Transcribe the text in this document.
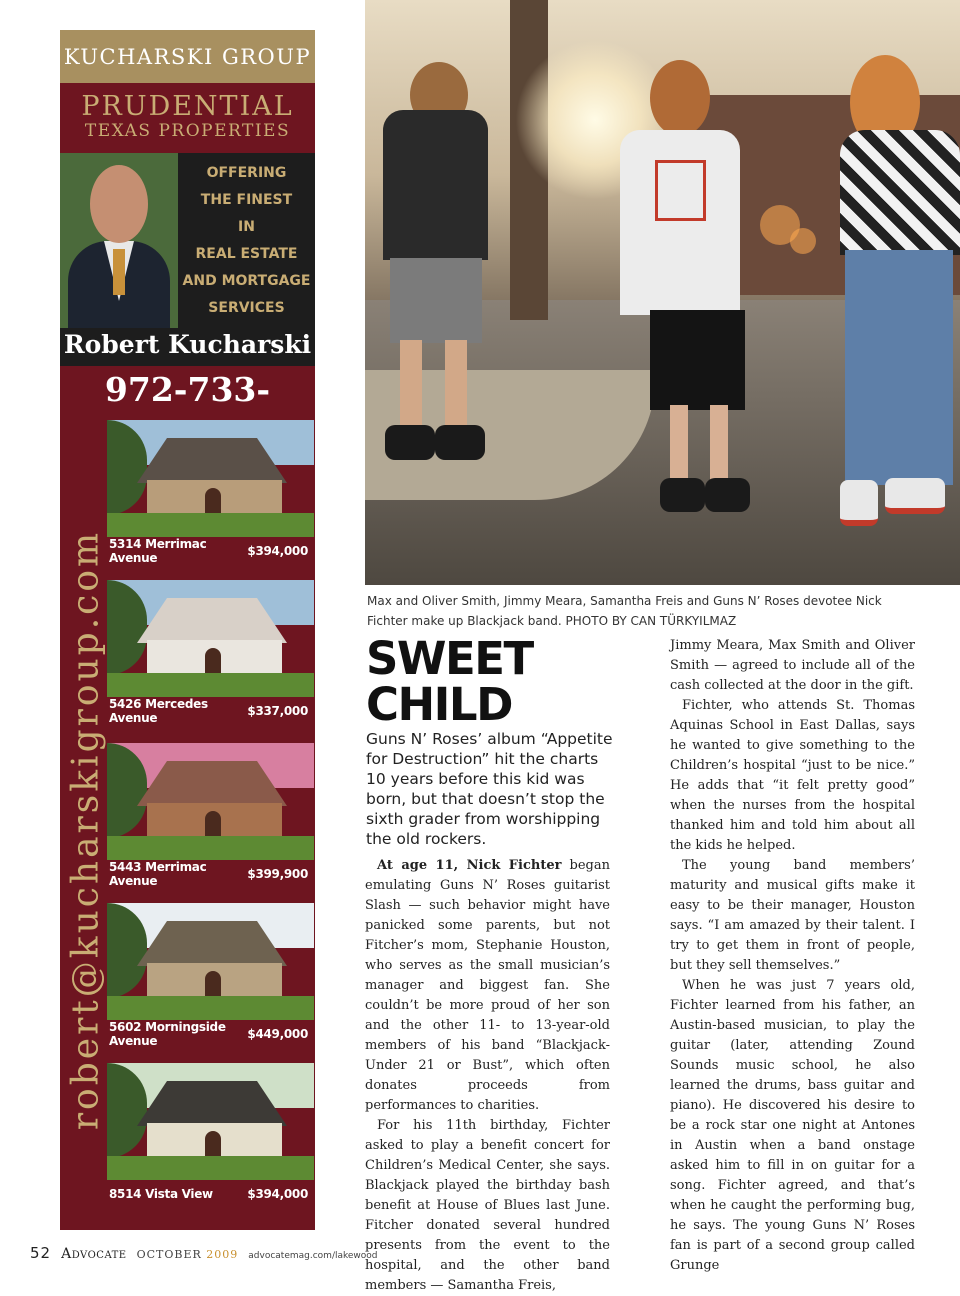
KUCHARSKI GROUP
PRUDENTIAL
TEXAS PROPERTIES
OFFERING
THE FINEST
IN
REAL ESTATE
AND MORTGAGE
SERVICES
Robert Kucharski
972-733-
robert@kucharskigroup.com 5314 Merrimac Avenue	$394,000
5426 Mercedes Avenue	$337,000
5443 Merrimac Avenue	$399,900
5602 Morningside Avenue	$449,000
8514 Vista View	$394,000
Max and Oliver Smith, Jimmy Meara, Samantha Freis and Guns N’ Roses devotee Nick Fichter make up Blackjack band. PHOTO BY CAN TÜRKYILMAZ
SWEET
CHILD
Guns N’ Roses’ album “Appetite for Destruction” hit the charts 10 years before this kid was born, but that doesn’t stop the sixth grader from worshipping the old rockers.

At age 11, Nick Fichter began emulating Guns N’ Roses guitarist Slash — such behavior might have panicked some parents, but not Fitcher’s mom, Stephanie Houston, who serves as the small musician’s manager and biggest fan. She couldn’t be more proud of her son and the other 11- to 13-year-old members of his band “Blackjack-Under 21 or Bust”, which often donates proceeds from performances to charities.

For his 11th birthday, Fichter asked to play a benefit concert for Children’s Medical Center, she says. Blackjack played the birthday bash benefit at House of Blues last June. Fitcher donated several hundred presents from the event to the hospital, and the other band members — Samantha Freis,

Jimmy Meara, Max Smith and Oliver Smith — agreed to include all of the cash collected at the door in the gift.

Fichter, who attends St. Thomas Aquinas School in East Dallas, says he wanted to give something to the Children’s hospital “just to be nice.” He adds that “it felt pretty good” when the nurses from the hospital thanked him and told him about all the kids he helped.

The young band members’ maturity and musical gifts make it easy to be their manager, Houston says. “I am amazed by their talent. I try to get them in front of people, but they sell themselves.”

When he was just 7 years old, Fichter learned from his father, an Austin-based musician, to play the guitar (later, attending Zound Sounds music school, he also learned the drums, bass guitar and piano). He discovered his desire to be a rock star one night at Antones in Austin when a band onstage asked him to fill in on guitar for a song. Fichter agreed, and that’s when he caught the performing bug, he says. The young Guns N’ Roses fan is part of a second group called Grunge

52 Advocate OCTOBER 2009 advocatemag.com/lakewood
